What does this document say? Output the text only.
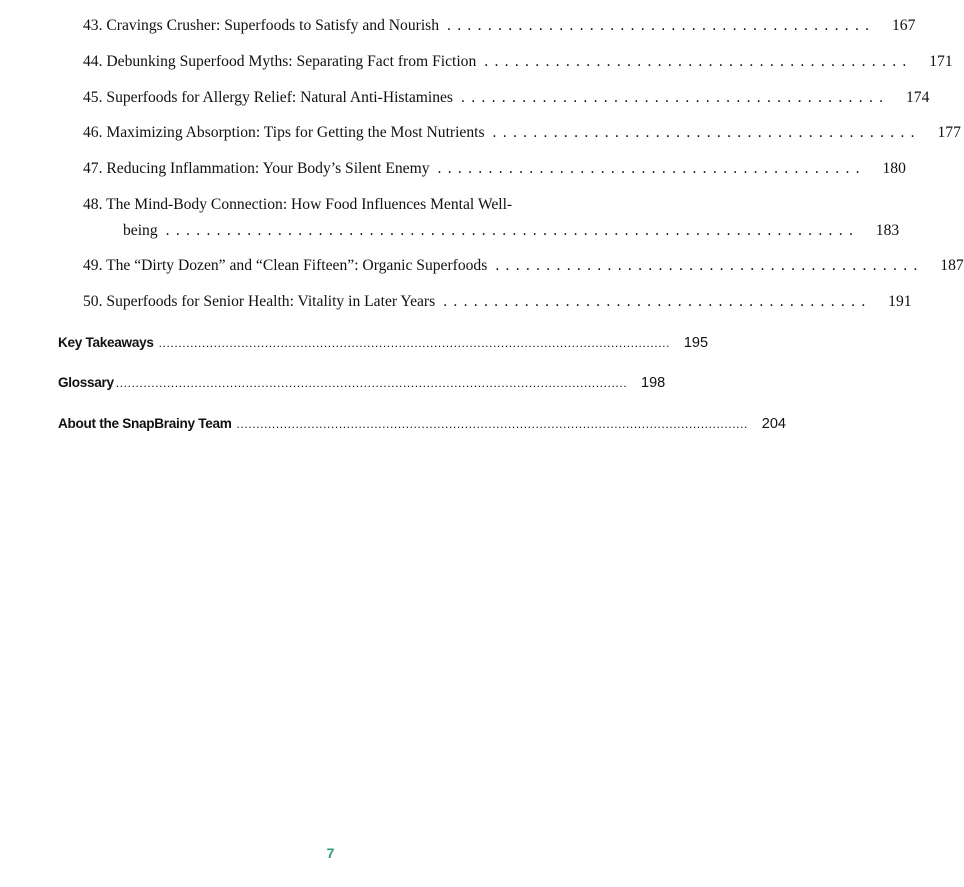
43. Cravings Crusher: Superfoods to Satisfy and Nourish ..........................................	167
44. Debunking Superfood Myths: Separating Fact from Fiction ..........................................	171
45. Superfoods for Allergy Relief: Natural Anti-Histamines ..........................................	174
46. Maximizing Absorption: Tips for Getting the Most Nutrients ..........................................	177
47. Reducing Inflammation: Your Body’s Silent Enemy ..........................................	180
48. The Mind-Body Connection: How Food Influences Mental Well-
being ....................................................................	183
49. The “Dirty Dozen” and “Clean Fifteen”: Organic Superfoods ..........................................	187
50. Superfoods for Senior Health: Vitality in Later Years ..........................................	191
Key Takeaways .................................................................................................................................. 195
Glossary .................................................................................................................................. 198
About the SnapBrainy Team .................................................................................................................................. 204
7
